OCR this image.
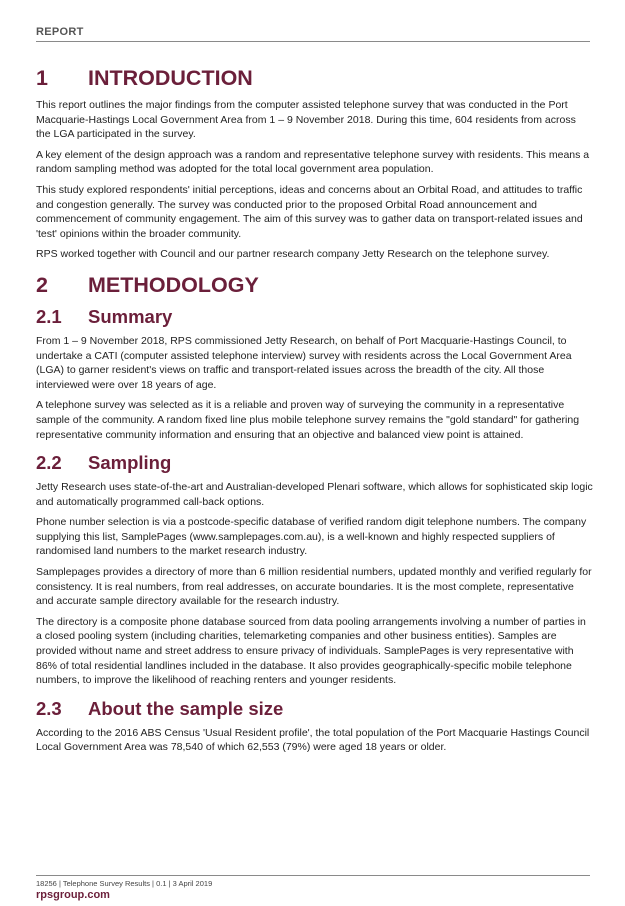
REPORT
1	INTRODUCTION

This report outlines the major findings from the computer assisted telephone survey that was conducted in the Port Macquarie-Hastings Local Government Area from 1 – 9 November 2018. During this time, 604 residents from across the LGA participated in the survey.

A key element of the design approach was a random and representative telephone survey with residents. This means a random sampling method was adopted for the total local government area population.

This study explored respondents' initial perceptions, ideas and concerns about an Orbital Road, and attitudes to traffic and congestion generally. The survey was conducted prior to the proposed Orbital Road announcement and commencement of community engagement. The aim of this survey was to gather data on transport-related issues and 'test' opinions within the broader community.

RPS worked together with Council and our partner research company Jetty Research on the telephone survey.

2	METHODOLOGY
2.1	Summary

From 1 – 9 November 2018, RPS commissioned Jetty Research, on behalf of Port Macquarie-Hastings Council, to undertake a CATI (computer assisted telephone interview) survey with residents across the Local Government Area (LGA) to garner resident's views on traffic and transport-related issues across the breadth of the city. All those interviewed were over 18 years of age.

A telephone survey was selected as it is a reliable and proven way of surveying the community in a representative sample of the community. A random fixed line plus mobile telephone survey remains the "gold standard" for gathering representative community information and ensuring that an objective and balanced view point is attained.

2.2	Sampling

Jetty Research uses state-of-the-art and Australian-developed Plenari software, which allows for sophisticated skip logic and automatically programmed call-back options.

Phone number selection is via a postcode-specific database of verified random digit telephone numbers. The company supplying this list, SamplePages (www.samplepages.com.au), is a well-known and highly respected suppliers of randomised land numbers to the market research industry.

Samplepages provides a directory of more than 6 million residential numbers, updated monthly and verified regularly for consistency. It is real numbers, from real addresses, on accurate boundaries. It is the most complete, representative and accurate sample directory available for the research industry.

The directory is a composite phone database sourced from data pooling arrangements involving a number of parties in a closed pooling system (including charities, telemarketing companies and other business entities). Samples are provided without name and street address to ensure privacy of individuals. SamplePages is very representative with 86% of total residential landlines included in the database. It also provides geographically-specific mobile telephone numbers, to improve the likelihood of reaching renters and younger residents.

2.3	About the sample size

According to the 2016 ABS Census 'Usual Resident profile', the total population of the Port Macquarie Hastings Council Local Government Area was 78,540 of which 62,553 (79%) were aged 18 years or older.

18256 | Telephone Survey Results | 0.1 | 3 April 2019
rpsgroup.com
